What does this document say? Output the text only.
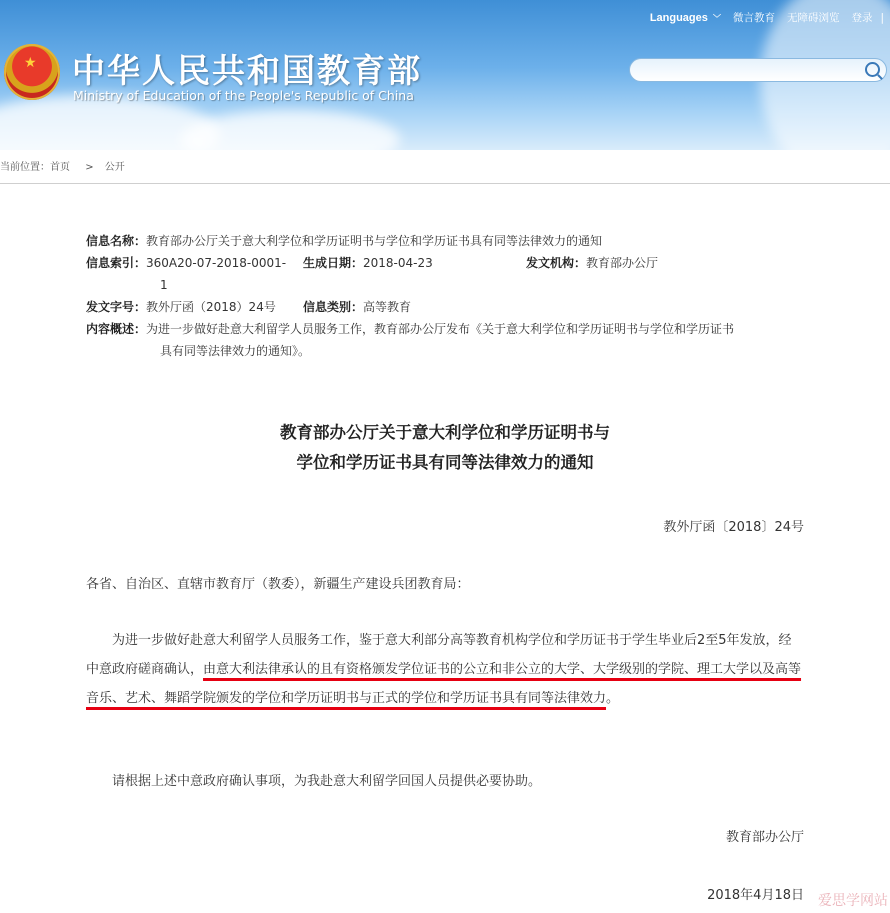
★ 中华人民共和国教育部
Ministry of Education of the People's Republic of China
Languages ﹀ 微言教育 无障碍浏览 登录 |
当前位置：首页 > 公开
信息名称：教育部办公厅关于意大利学位和学历证明书与学位和学历证书具有同等法律效力的通知
信息索引：360A20-07-2018-0001- 生成日期：2018-04-23	发文机构：教育部办公厅
1
发文字号：教外厅函（2018）24号 信息类别：高等教育
内容概述：为进一步做好赴意大利留学人员服务工作，教育部办公厅发布《关于意大利学位和学历证明书与学位和学历证书
具有同等法律效力的通知》。
教育部办公厅关于意大利学位和学历证明书与
学位和学历证书具有同等法律效力的通知
教外厅函〔2018〕24号
各省、自治区、直辖市教育厅（教委），新疆生产建设兵团教育局：
为进一步做好赴意大利留学人员服务工作，鉴于意大利部分高等教育机构学位和学历证书于学生毕业后2至5年发放，经中意政府磋商确认，由意大利法律承认的且有资格颁发学位证书的公立和非公立的大学、大学级别的学院、理工大学以及高等音乐、艺术、舞蹈学院颁发的学位和学历证明书与正式的学位和学历证书具有同等法律效力。
请根据上述中意政府确认事项，为我赴意大利留学回国人员提供必要协助。
教育部办公厅
2018年4月18日 爱思学网站
